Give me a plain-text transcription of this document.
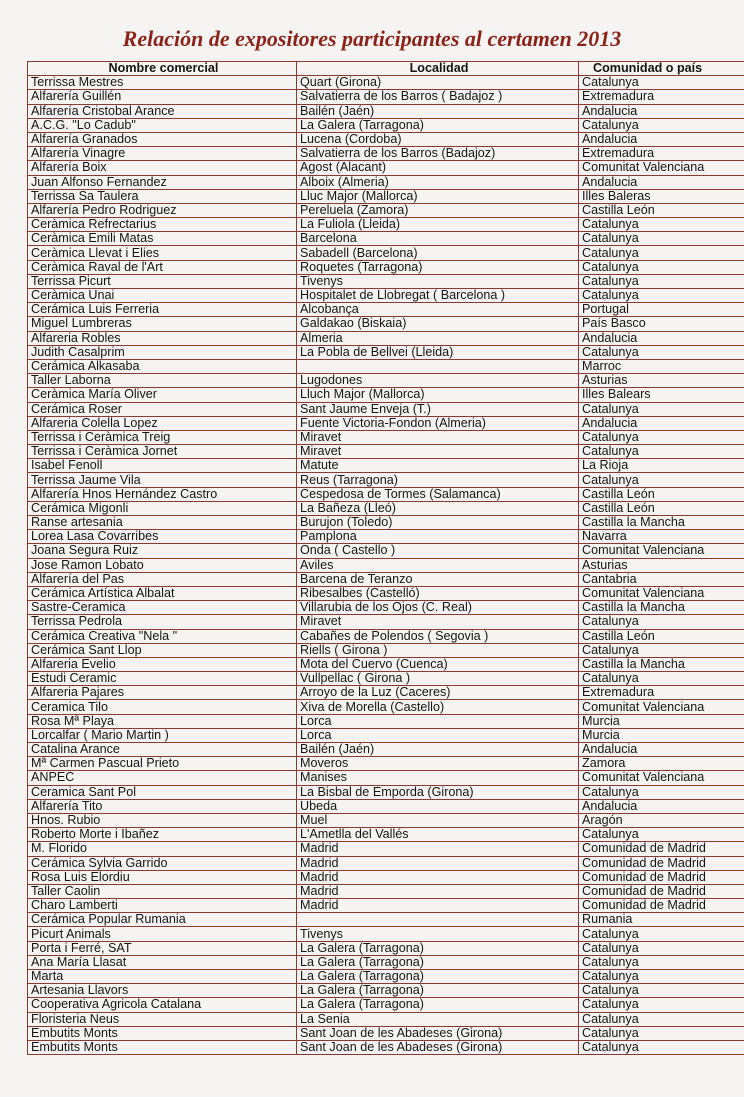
Relación de expositores participantes al certamen 2013
Nombre comercial	Localidad	Comunidad o país
Terrissa Mestres	Quart (Girona)	Catalunya
Alfarería Guillén	Salvatierra de los Barros ( Badajoz )	Extremadura
Alfarería Cristobal Arance	Bailén (Jaén)	Andalucia
A.C.G. "Lo Cadub"	La Galera (Tarragona)	Catalunya
Alfarería Granados	Lucena (Cordoba)	Andalucia
Alfarería Vinagre	Salvatierra de los Barros (Badajoz)	Extremadura
Alfarería Boix	Agost (Alacant)	Comunitat Valenciana
Juan Alfonso Fernandez	Alboix (Almeria)	Andalucia
Terrissa Sa Taulera	Lluc Major (Mallorca)	Illes Baleras
Alfarería Pedro Rodriguez	Pereluela (Zamora)	Castilla León
Ceràmica Refrectarius	La Fuliola (Lleida)	Catalunya
Ceràmica Emili Matas	Barcelona	Catalunya
Ceràmica Llevat i Elies	Sabadell (Barcelona)	Catalunya
Ceràmica Raval de l'Art	Roquetes (Tarragona)	Catalunya
Terrissa Picurt	Tivenys	Catalunya
Ceràmica Unai	Hospitalet de Llobregat ( Barcelona )	Catalunya
Cerámica Luis Ferreria	Alcobança	Portugal
Miguel Lumbreras	Galdakao (Biskaia)	País Basco
Alfareria Robles	Almeria	Andalucia
Judith Casalprim	La Pobla de Bellvei (Lleida)	Catalunya
Cerámica Alkasaba		Marroc
Taller Laborna	Lugodones	Asturias
Ceràmica María Oliver	Lluch Major (Mallorca)	Illes Balears
Cerámica Roser	Sant Jaume Enveja (T.)	Catalunya
Alfareria Colella Lopez	Fuente Victoria-Fondon (Almeria)	Andalucia
Terrissa i Ceràmica Treig	Miravet	Catalunya
Terrissa i Ceràmica Jornet	Miravet	Catalunya
Isabel Fenoll	Matute	La Rioja
Terrissa Jaume Vila	Reus (Tarragona)	Catalunya
Alfarería Hnos Hernández Castro	Cespedosa de Tormes (Salamanca)	Castilla León
Cerámica Migonli	La Bañeza (Lleó)	Castilla León
Ranse artesania	Burujon (Toledo)	Castilla la Mancha
Lorea Lasa Covarribes	Pamplona	Navarra
Joana Segura Ruiz	Onda ( Castello )	Comunitat Valenciana
Jose Ramon Lobato	Aviles	Asturias
Alfarería del Pas	Barcena de Teranzo	Cantabria
Cerámica Artística Albalat	Ribesalbes (Castelló)	Comunitat Valenciana
Sastre-Ceramica	Villarubia de los Ojos (C. Real)	Castilla la Mancha
Terrissa Pedrola	Miravet	Catalunya
Cerámica Creativa "Nela "	Cabañes de Polendos ( Segovia )	Castilla León
Cerámica Sant Llop	Riells ( Girona )	Catalunya
Alfareria Evelio	Mota del Cuervo (Cuenca)	Castilla la Mancha
Estudi Ceramic	Vullpellac ( Girona )	Catalunya
Alfareria Pajares	Arroyo de la Luz (Caceres)	Extremadura
Ceramica Tilo	Xiva de Morella (Castello)	Comunitat Valenciana
Rosa Mª Playa	Lorca	Murcia
Lorcalfar ( Mario Martin )	Lorca	Murcia
Catalina Arance	Bailén (Jaén)	Andalucia
Mª Carmen Pascual Prieto	Moveros	Zamora
ANPEC	Manises	Comunitat Valenciana
Ceramica Sant Pol	La Bisbal de Emporda (Girona)	Catalunya
Alfarería Tito	Ubeda	Andalucia
Hnos. Rubio	Muel	Aragón
Roberto Morte i Ibañez	L'Ametlla del Vallés	Catalunya
M. Florido	Madrid	Comunidad de Madrid
Cerámica Sylvia Garrido	Madrid	Comunidad de Madrid
Rosa Luis Elordiu	Madrid	Comunidad de Madrid
Taller Caolin	Madrid	Comunidad de Madrid
Charo Lamberti	Madrid	Comunidad de Madrid
Cerámica Popular Rumania		Rumania
Picurt Animals	Tivenys	Catalunya
Porta i Ferré, SAT	La Galera (Tarragona)	Catalunya
Ana María Llasat	La Galera (Tarragona)	Catalunya
Marta	La Galera (Tarragona)	Catalunya
Artesania Llavors	La Galera (Tarragona)	Catalunya
Cooperativa Agricola Catalana	La Galera (Tarragona)	Catalunya
Floristeria Neus	La Senia	Catalunya
Embutits Monts	Sant Joan de les Abadeses (Girona)	Catalunya
Embutits Monts	Sant Joan de les Abadeses (Girona)	Catalunya
